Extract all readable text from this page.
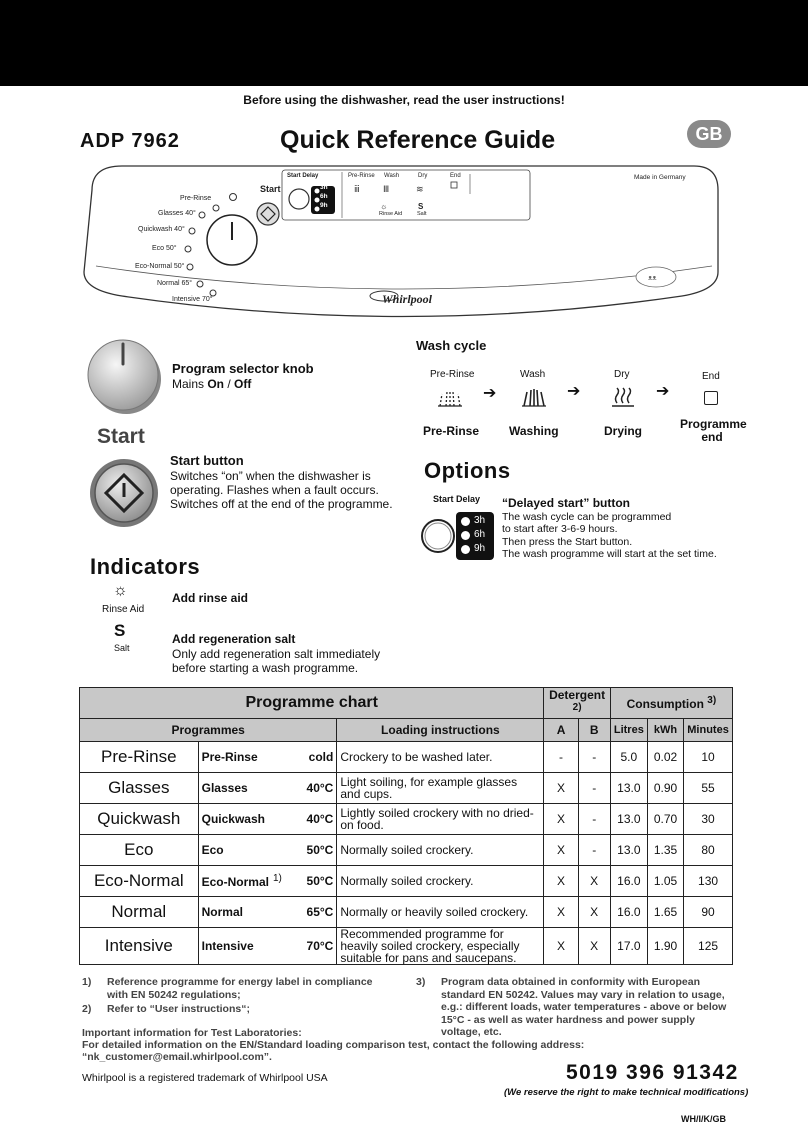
Before using the dishwasher, read the user instructions!
ADP 7962	Quick Reference Guide	GB
ⅲ	Ⅲ	≋
ᴥᴥ
Pre-Rinse
Glasses 40°
Quickwash 40°
Eco 50°
Eco-Normal 50°
Normal 65°
Intensive 70°
Start
Start Delay
3h
6h
9h
Pre-Rinse Wash	Dry	End
☼
Rinse Aid
S
Salt
Made in Germany
Whirlpool
Program selector knob
Mains On / Off
Start
Start button
Switches “on” when the dishwasher is operating. Flashes when a fault occurs. Switches off at the end of the programme.
Wash cycle
Pre-Rinse	Wash	Dry	End
➔	➔	➔
Pre-Rinse Washing	Drying	Programme end
Options
Start Delay
3h
6h
9h
“Delayed start” button
The wash cycle can be programmed
to start after 3-6-9 hours.
Then press the Start button.
The wash programme will start at the set time.
Indicators
☼
Rinse Aid
Add rinse aid
S
Salt
Add regeneration salt
Only add regeneration salt immediately before starting a wash programme.
Programme chart				Detergent $^{2)}$		Consumption $^{3)}$
Programmes			Loading instructions	A	B	Litres	kWh	Minutes
Pre-Rinse	Pre-Rinse	cold	Crockery to be washed later.	-	-	5.0	0.02	10
Glasses	Glasses	40°C	Light soiling, for example glasses and cups.	X	-	13.0	0.90	55
Quickwash	Quickwash	40°C	Lightly soiled crockery with no dried-on food.	X	-	13.0	0.70	30
Eco	Eco	50°C	Normally soiled crockery.	X	-	13.0	1.35	80
Eco-Normal	Eco-Normal $^{1)}$	50°C	Normally soiled crockery.	X	X	16.0	1.05	130
Normal	Normal	65°C	Normally or heavily soiled crockery.	X	X	16.0	1.65	90
Intensive	Intensive	70°C	Recommended programme for heavily soiled crockery, especially suitable for pans and saucepans.	X	X	17.0	1.90	125
1) Reference programme for energy label in compliance with EN 50242 regulations;
2) Refer to “User instructions“;
3) Program data obtained in conformity with European standard EN 50242. Values may vary in relation to usage, e.g.: different loads, water temperatures - above or below 15°C - as well as water hardness and power supply voltage, etc.
Important information for Test Laboratories:
For detailed information on the EN/Standard loading comparison test, contact the following address:
“nk_customer@email.whirlpool.com”.
Whirlpool is a registered trademark of Whirlpool USA	5019 396 91342
(We reserve the right to make technical modifications)
WH/I/K/GB
